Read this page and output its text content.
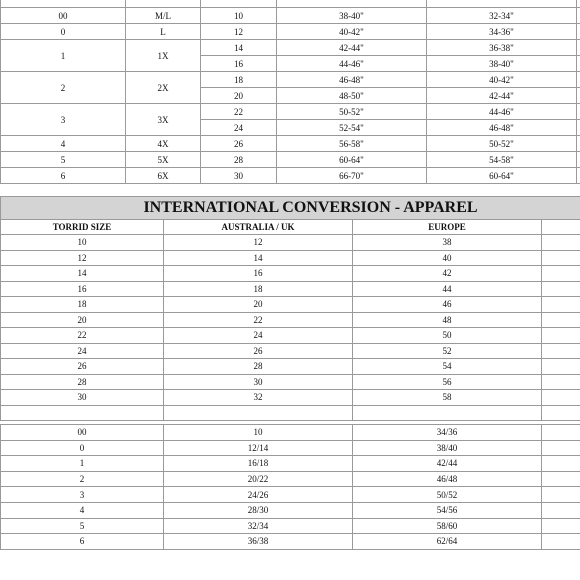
00	M/L	10	38-40"	32-34"	
0	L	12	40-42"	34-36"	
1	1X	14	42-44"	36-38"	
		16	44-46"	38-40"	
2	2X	18	46-48"	40-42"	
		20	48-50"	42-44"	
3	3X	22	50-52"	44-46"	
		24	52-54"	46-48"	
4	4X	26	56-58"	50-52"	
5	5X	28	60-64"	54-58"	
6	6X	30	66-70"	60-64"	
INTERNATIONAL CONVERSION - APPAREL			
TORRID SIZE	AUSTRALIA / UK	EUROPE	
10	12	38	
12	14	40	
14	16	42	
16	18	44	
18	20	46	
20	22	48	
22	24	50	
24	26	52	
26	28	54	
28	30	56	
30	32	58	

00	10	34/36	
0	12/14	38/40	
1	16/18	42/44	
2	20/22	46/48	
3	24/26	50/52	
4	28/30	54/56	
5	32/34	58/60	
6	36/38	62/64	
